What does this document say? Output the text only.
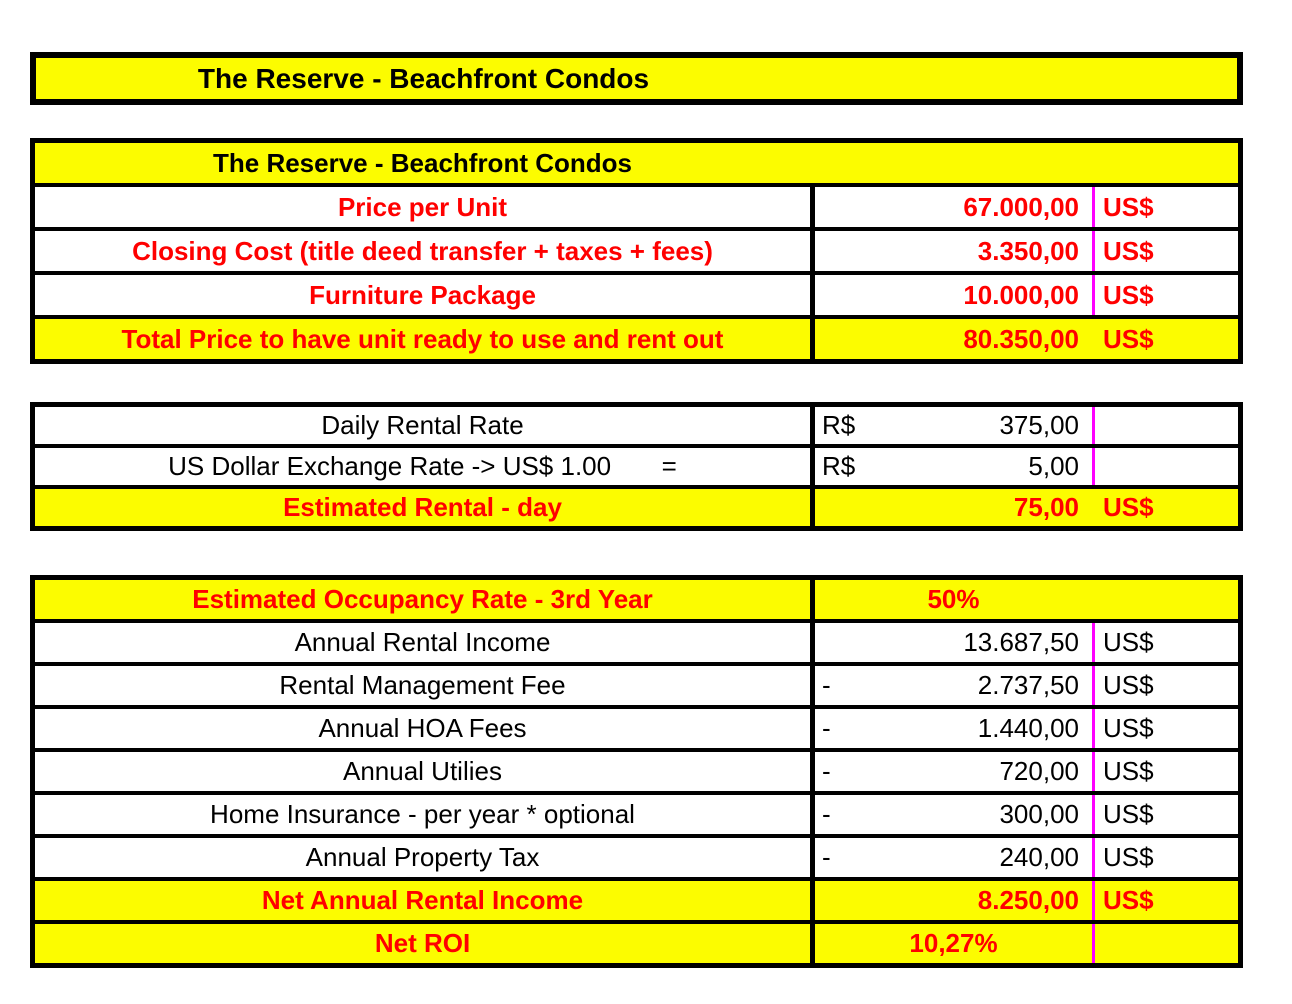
The Reserve - Beachfront Condos
The Reserve - Beachfront Condos
Price per Unit	67.000,00 US$
Closing Cost (title deed transfer + taxes + fees)	3.350,00 US$
Furniture Package	10.000,00 US$
Total Price to have unit ready to use and rent out	80.350,00 US$
Daily Rental Rate	R$	375,00
US Dollar Exchange Rate -> US$ 1.00       =	R$	5,00
Estimated Rental - day	75,00 US$
Estimated Occupancy Rate - 3rd Year	50%
Annual Rental Income	13.687,50 US$
Rental Management Fee	-	2.737,50 US$
Annual HOA Fees	-	1.440,00 US$
Annual Utilies	-	720,00 US$
Home Insurance - per year * optional	-	300,00 US$
Annual Property Tax	-	240,00 US$
Net Annual Rental Income	8.250,00 US$
Net ROI	10,27%
